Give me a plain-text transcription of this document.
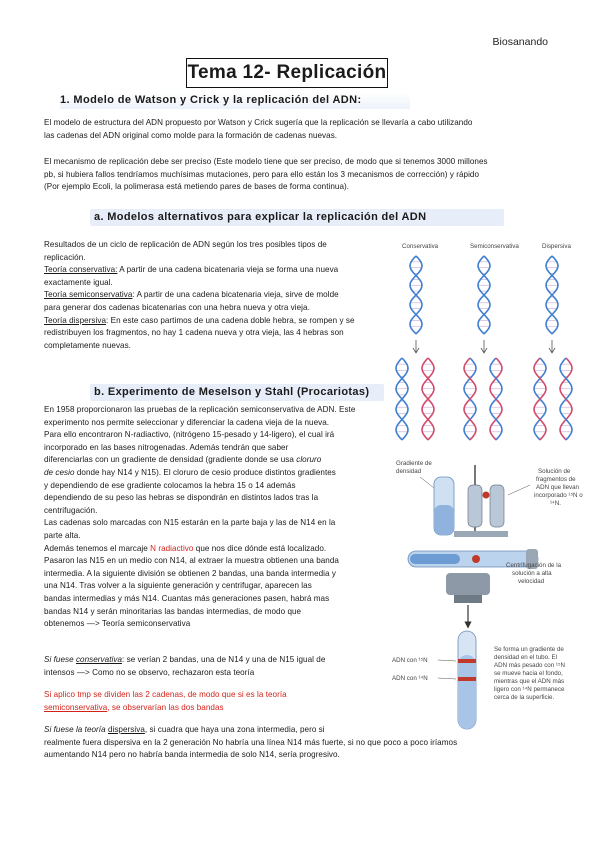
Biosanando
Tema 12- Replicación
1. Modelo de Watson y Crick y la replicación del ADN:
El modelo de estructura del ADN propuesto por Watson y Crick sugería que la replicación se llevaría a cabo utilizando
las cadenas del ADN original como molde para la formación de cadenas nuevas.
El mecanismo de replicación debe ser preciso (Este modelo tiene que ser preciso, de modo que si tenemos 3000 millones
pb, si hubiera fallos tendríamos muchísimas mutaciones, pero para ello están los 3 mecanismos de corrección) y rápido
(Por ejemplo Ecoli, la polimerasa está metiendo pares de bases de forma continua).
a. Modelos alternativos para explicar la replicación del ADN
Resultados de un ciclo de replicación de ADN según los tres posibles tipos de
replicación.
Teoría conservativa: A partir de una cadena bicatenaria vieja se forma una nueva
exactamente igual.
Teoría semiconservativa: A partir de una cadena bicatenaria vieja, sirve de molde
para generar dos cadenas bicatenarias con una hebra nueva y otra vieja.
Teoría dispersiva: En este caso partimos de una cadena doble hebra, se rompen y se
redistribuyen los fragmentos, no hay 1 cadena nueva y otra vieja, las 4 hebras son
completamente nuevas.
Conservativa	Semiconservativa	Dispersiva
b. Experimento de Meselson y Stahl (Procariotas)
En 1958 proporcionaron las pruebas de la replicación semiconservativa de ADN. Este
experimento nos permite seleccionar y diferenciar la cadena vieja de la nueva.
Para ello encontraron N-radiactivo, (nitrógeno 15-pesado y 14-ligero), el cual irá
incorporado en las bases nitrogenadas. Además tendrán que saber
diferenciarlas con un gradiente de densidad (gradiente donde se usa cloruro
de cesio donde hay N14 y N15). El cloruro de cesio produce distintos gradientes
y dependiendo de ese gradiente colocamos la hebra 15 o 14 además
dependiendo de su peso las hebras se dispondrán en distintos lados tras la
centrifugación.
Las cadenas solo marcadas con N15 estarán en la parte baja y las de N14 en la
parte alta.
Además tenemos el marcaje N radiactivo que nos dice dónde está localizado.
Pasaron las N15 en un medio con N14, al extraer la muestra obtienen una banda
intermedia. A la siguiente división se obtienen 2 bandas, una banda intermedia y
una N14. Tras volver a la siguiente generación y centrifugar, aparecen las
bandas intermedias y más N14. Cuantas más generaciones pasen, habrá mas
bandas N14 y serán minoritarias las bandas intermedias, de modo que
obtenemos —> Teoría semiconservativa
Si fuese conservativa: se verían 2 bandas, una de N14 y una de N15 igual de
intensos —> Como no se observo, rechazaron esta teoría
Si aplico tmp se dividen las 2 cadenas, de modo que si es la teoría
semiconservativa, se observarían las dos bandas
Si fuese la teoría dispersiva, si cuadra que haya una zona intermedia, pero si
realmente fuera dispersiva en la 2 generación No habría una línea N14 más fuerte, si no que poco a poco iríamos
aumentando N14 pero no habría banda intermedia de solo N14, sería progresivo.
Gradiente de
densidad	Solución de
fragmentos de
ADN que llevan
incorporado ¹⁵N o
¹⁴N.
Centrifugación de la
solución a alta
velocidad
ADN con ¹⁵N
ADN con ¹⁴N
Se forma un gradiente de
densidad en el tubo. El
ADN más pesado con ¹⁵N
se mueve hacia el fondo,
mientras que el ADN más
ligero con ¹⁴N permanece
cerca de la superficie.
